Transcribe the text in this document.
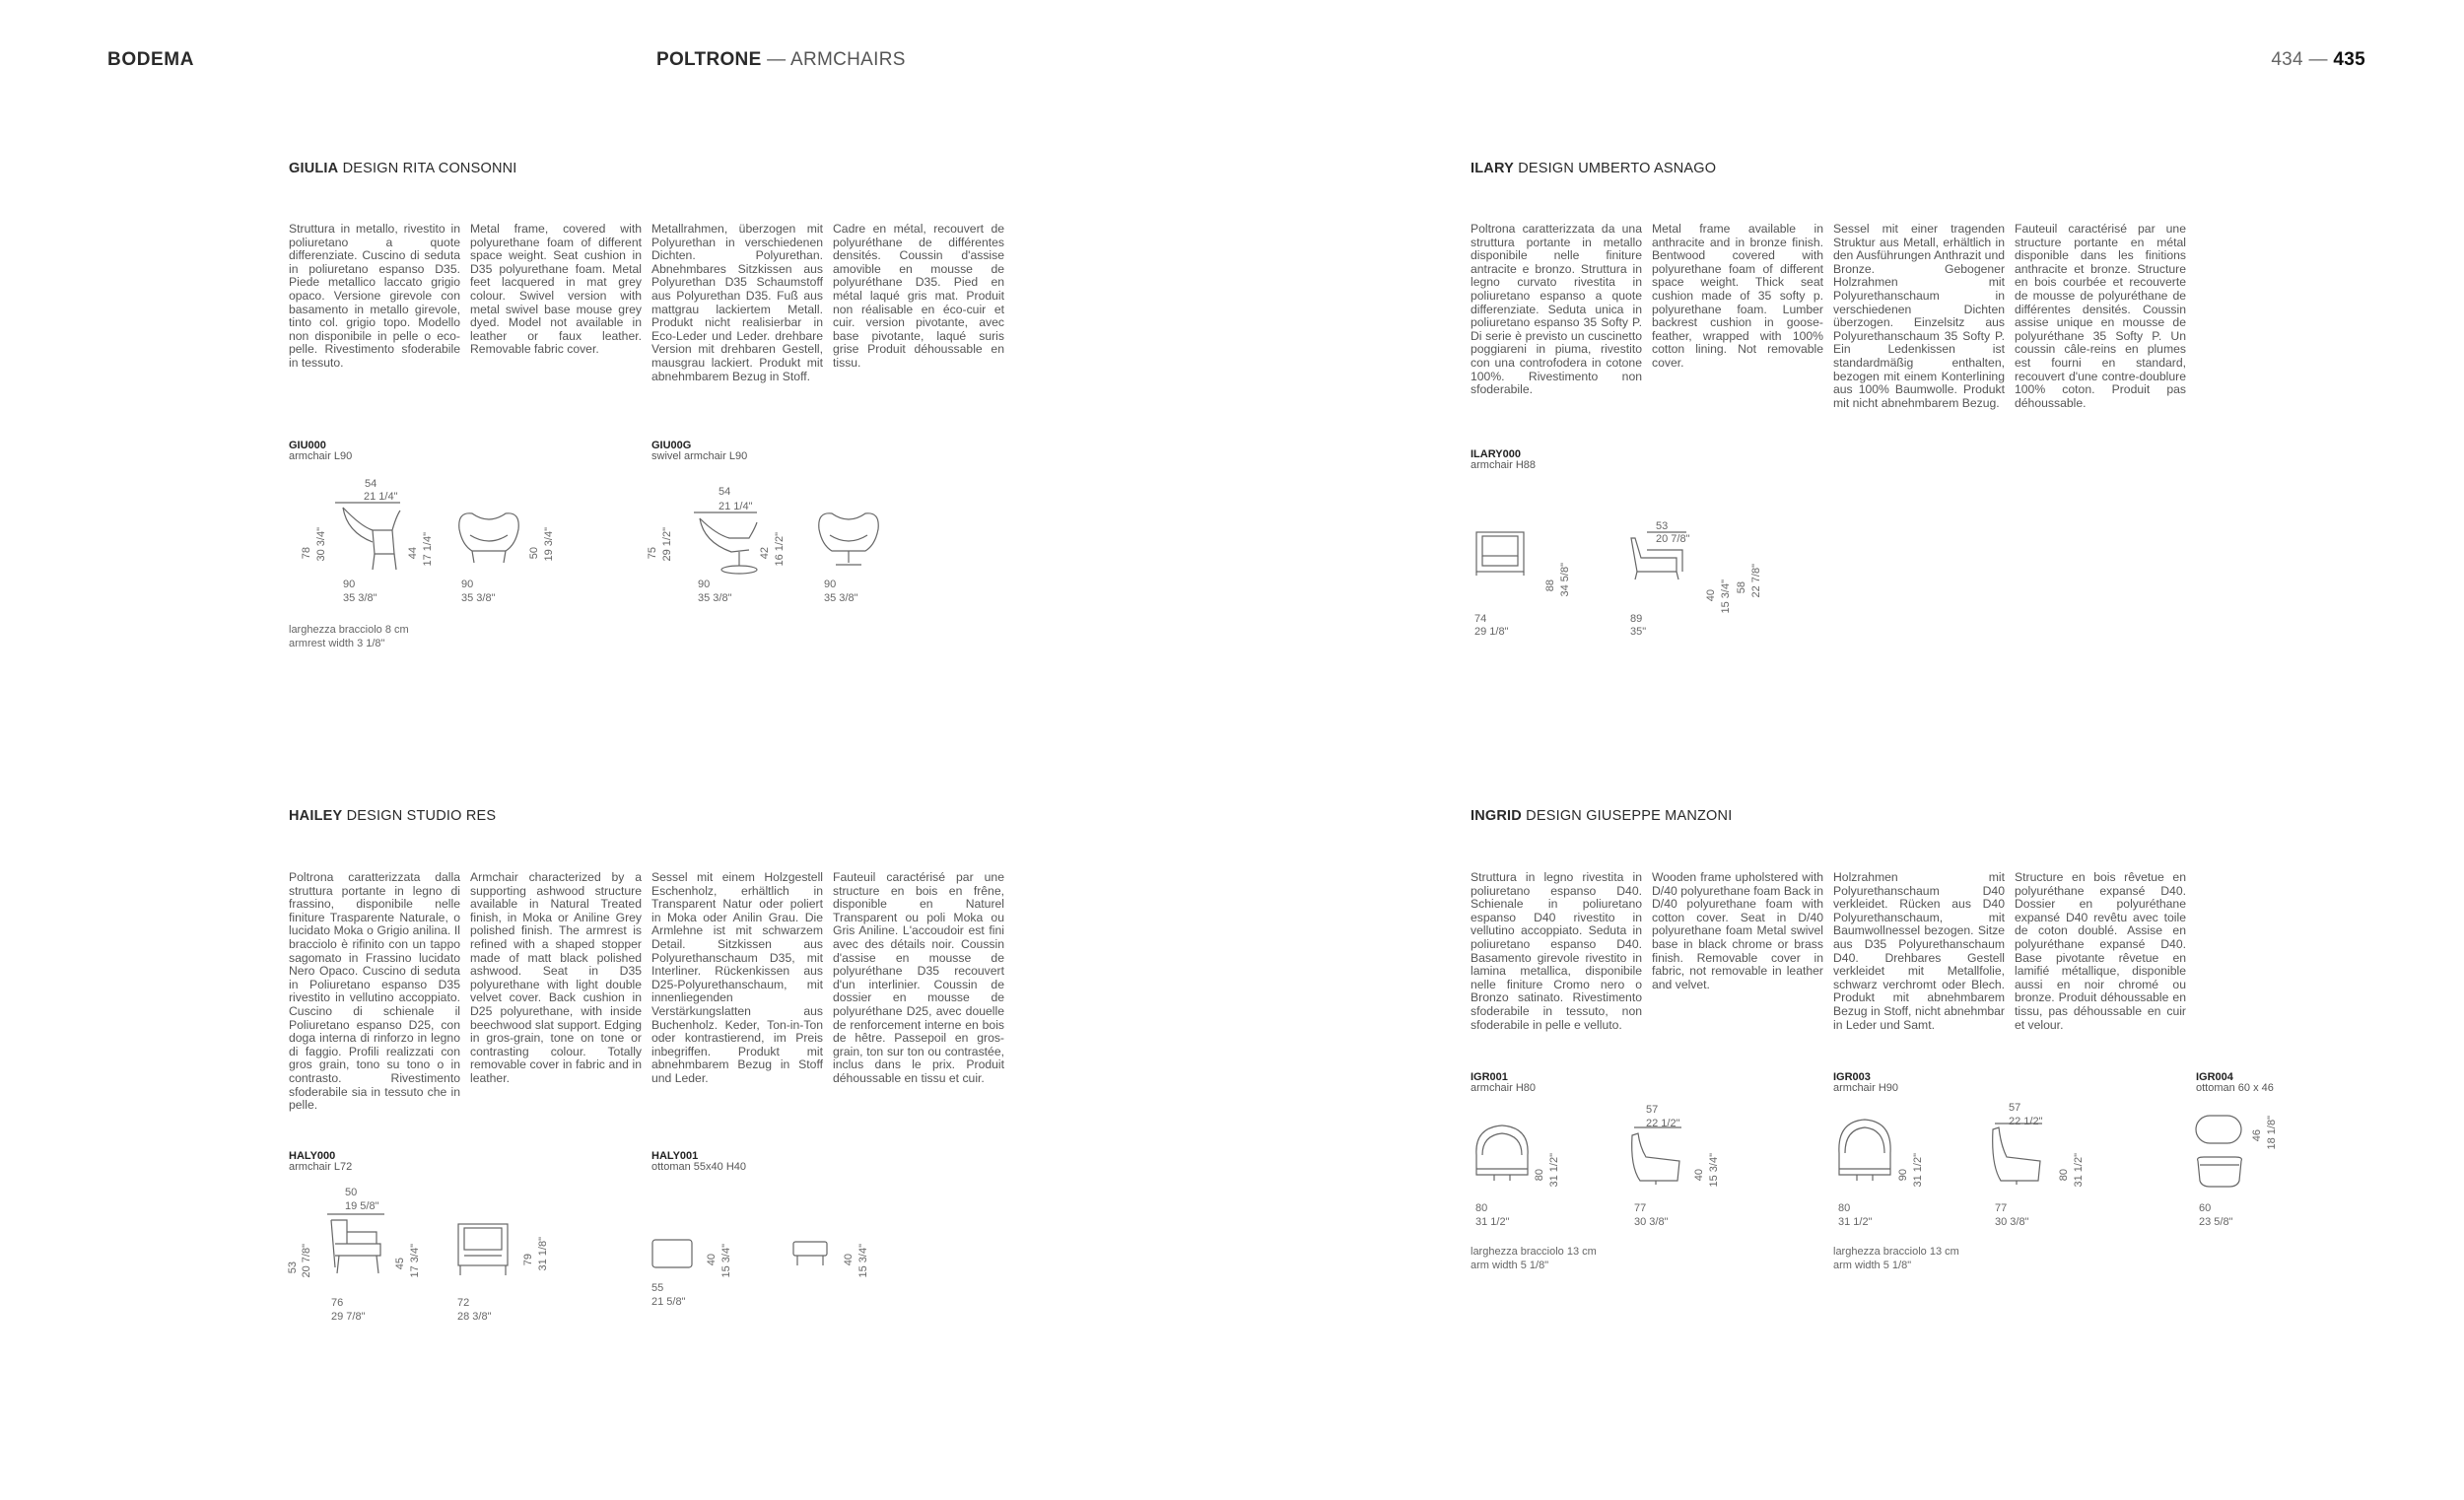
BODEMA	POLTRONE — ARMCHAIRS	434 — 435
GIULIA DESIGN RITA CONSONNI
Struttura in metallo, rivestito in poliuretano a quote differenziate. Cuscino di seduta in poliuretano espanso D35. Piede metallico laccato grigio opaco. Versione girevole con basamento in metallo girevole, tinto col. grigio topo. Modello non disponibile in pelle o eco-pelle. Rivestimento sfoderabile in tessuto.
Metal frame, covered with polyurethane foam of different space weight. Seat cushion in D35 polyurethane foam. Metal feet lacquered in mat grey colour. Swivel version with metal swivel base mouse grey dyed. Model not available in leather or faux leather. Removable fabric cover.
Metallrahmen, überzogen mit Polyurethan in verschiedenen Dichten. Polyurethan. Abnehmbares Sitzkissen aus Polyurethan D35 Schaumstoff aus Polyurethan D35. Fuß aus mattgrau lackiertem Metall. Produkt nicht realisierbar in Eco-Leder und Leder. drehbare Version mit drehbaren Gestell, mausgrau lackiert. Produkt mit abnehmbarem Bezug in Stoff.
Cadre en métal, recouvert de polyuréthane de différentes densités. Coussin d'assise amovible en mousse de polyuréthane D35. Pied en métal laqué gris mat. Produit non réalisable en éco-cuir et cuir. version pivotante, avec base pivotante, laqué suris grise Produit déhoussable en tissu.
GIU000
armchair L90
GIU00G
swivel armchair L90
54
21 1/4"
78 30 3/4"	44 17 1/4"	50 19 3/4"
90
35 3/8"
90
35 3/8"
54
21 1/4"
75 29 1/2"	42 16 1/2"
90
35 3/8"
90
35 3/8"
larghezza bracciolo 8 cm
armrest width 3 1/8"
ILARY DESIGN UMBERTO ASNAGO
Poltrona caratterizzata da una struttura portante in metallo disponibile nelle finiture antracite e bronzo. Struttura in legno curvato rivestita in poliuretano espanso a quote differenziate. Seduta unica in poliuretano espanso 35 Softy P. Di serie è previsto un cuscinetto poggiareni in piuma, rivestito con una controfodera in cotone 100%. Rivestimento non sfoderabile.
Metal frame available in anthracite and in bronze finish. Bentwood covered with polyurethane foam of different space weight. Thick seat cushion made of 35 softy p. polyurethane foam. Lumber backrest cushion in goose-feather, wrapped with 100% cotton lining. Not removable cover.
Sessel mit einer tragenden Struktur aus Metall, erhältlich in den Ausführungen Anthrazit und Bronze. Gebogener Holzrahmen mit Polyurethanschaum in verschiedenen Dichten überzogen. Einzelsitz aus Polyurethanschaum 35 Softy P. Ein Ledenkissen ist standardmäßig enthalten, bezogen mit einem Konterlining aus 100% Baumwolle. Produkt mit nicht abnehmbarem Bezug.
Fauteuil caractérisé par une structure portante en métal disponible dans les finitions anthracite et bronze. Structure en bois courbée et recouverte de mousse de polyuréthane de différentes densités. Coussin assise unique en mousse de polyuréthane 35 Softy P. Un coussin câle-reins en plumes est fourni en standard, recouvert d'une contre-doublure 100% coton. Produit pas déhoussable.
ILARY000
armchair H88
88 34 5/8"
53
20 7/8"
40 15 3/4" 58 22 7/8"
74
29 1/8"
89
35"
HAILEY DESIGN STUDIO RES
Poltrona caratterizzata dalla struttura portante in legno di frassino, disponibile nelle finiture Trasparente Naturale, o lucidato Moka o Grigio anilina. Il bracciolo è rifinito con un tappo sagomato in Frassino lucidato Nero Opaco. Cuscino di seduta in Poliuretano espanso D35 rivestito in vellutino accoppiato. Cuscino di schienale il Poliuretano espanso D25, con doga interna di rinforzo in legno di faggio. Profili realizzati con gros grain, tono su tono o in contrasto. Rivestimento sfoderabile sia in tessuto che in pelle.
Armchair characterized by a supporting ashwood structure available in Natural Treated finish, in Moka or Aniline Grey polished finish. The armrest is refined with a shaped stopper made of matt black polished ashwood. Seat in D35 polyurethane with light double velvet cover. Back cushion in D25 polyurethane, with inside beechwood slat support. Edging in gros-grain, tone on tone or contrasting colour. Totally removable cover in fabric and in leather.
Sessel mit einem Holzgestell Eschenholz, erhältlich in Transparent Natur oder poliert in Moka oder Anilin Grau. Die Armlehne ist mit schwarzem Detail. Sitzkissen aus Polyurethanschaum D35, mit Interliner. Rückenkissen aus D25-Polyurethanschaum, mit innenliegenden Verstärkungslatten aus Buchenholz. Keder, Ton-in-Ton oder kontrastierend, im Preis inbegriffen. Produkt mit abnehmbarem Bezug in Stoff und Leder.
Fauteuil caractérisé par une structure en bois en frêne, disponible en Naturel Transparent ou poli Moka ou Gris Aniline. L'accoudoir est fini avec des détails noir. Coussin d'assise en mousse de polyuréthane D35 recouvert d'un interlinier. Coussin de dossier en mousse de polyuréthane D25, avec douelle de renforcement interne en bois de hêtre. Passepoil en gros-grain, ton sur ton ou contrastée, inclus dans le prix. Produit déhoussable en tissu et cuir.
HALY000
armchair L72
HALY001
ottoman 55x40 H40
50
19 5/8"
53 20 7/8"	45 17 3/4"	79 31 1/8"
76
29 7/8"
72
28 3/8"
40 15 3/4"	40 15 3/4"
55
21 5/8"
INGRID DESIGN GIUSEPPE MANZONI
Struttura in legno rivestita in poliuretano espanso D40. Schienale in poliuretano espanso D40 rivestito in vellutino accoppiato. Seduta in poliuretano espanso D40. Basamento girevole rivestito in lamina metallica, disponibile nelle finiture Cromo nero o Bronzo satinato. Rivestimento sfoderabile in tessuto, non sfoderabile in pelle e velluto.
Wooden frame upholstered with D/40 polyurethane foam Back in D/40 polyurethane foam with cotton cover. Seat in D/40 polyurethane foam Metal swivel base in black chrome or brass finish. Removable cover in fabric, not removable in leather and velvet.
Holzrahmen mit Polyurethanschaum D40 verkleidet. Rücken aus D40 Polyurethanschaum, mit Baumwollnessel bezogen. Sitze aus D35 Polyurethanschaum D40. Drehbares Gestell verkleidet mit Metallfolie, schwarz verchromt oder Blech. Produkt mit abnehmbarem Bezug in Stoff, nicht abnehmbar in Leder und Samt.
Structure en bois rêvetue en polyuréthane expansé D40. Dossier en polyuréthane expansé D40 revêtu avec toile de coton doublé. Assise en polyuréthane expansé D40. Base pivotante rêvetue en lamifié métallique, disponible aussi en noir chromé ou bronze. Produit déhoussable en tissu, pas déhoussable en cuir et velour.
IGR001
armchair H80
IGR003
armchair H90
IGR004
ottoman 60 x 46
80 31 1/2"
57
22 1/2"
40 15 3/4"
80
31 1/2"
77
30 3/8"
larghezza bracciolo 13 cm
arm width 5 1/8"
90 31 1/2"
57
22 1/2"
80 31 1/2"
80
31 1/2"
77
30 3/8"
larghezza bracciolo 13 cm
arm width 5 1/8"
46 18 1/8"
60
23 5/8"
